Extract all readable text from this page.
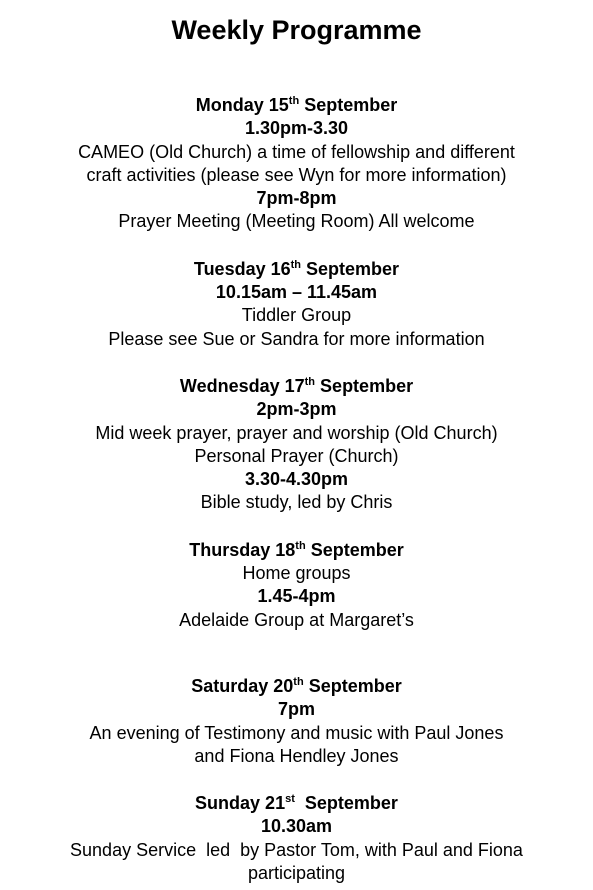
Weekly Programme

Monday 15th September

1.30pm-3.30

CAMEO (Old Church) a time of fellowship and different

craft activities (please see Wyn for more information)

7pm-8pm

Prayer Meeting (Meeting Room) All welcome

Tuesday 16th September

10.15am – 11.45am

Tiddler Group

Please see Sue or Sandra for more information

Wednesday 17th September

2pm-3pm

Mid week prayer, prayer and worship (Old Church)

Personal Prayer (Church)

3.30-4.30pm

Bible study, led by Chris

Thursday 18th September

Home groups

1.45-4pm

Adelaide Group at Margaret’s

Saturday 20th September

7pm

An evening of Testimony and music with Paul Jones

and Fiona Hendley Jones

Sunday 21st September

10.30am

Sunday Service  led  by Pastor Tom, with Paul and Fiona

participating
